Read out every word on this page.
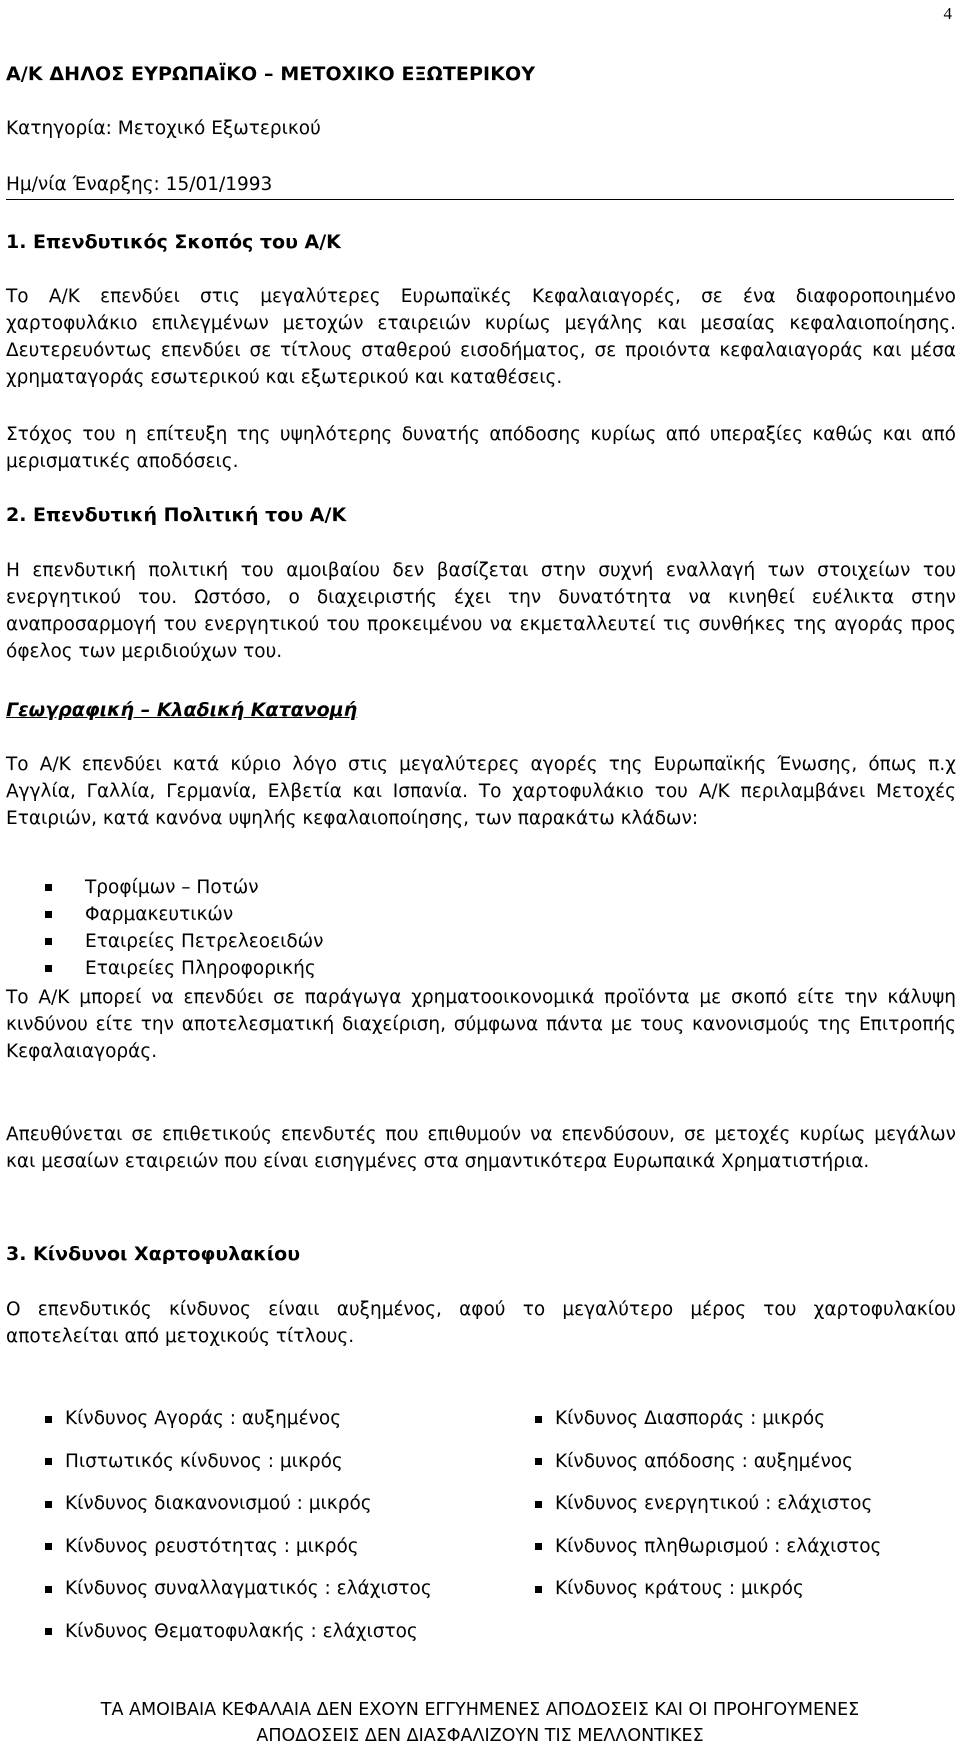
4
Α/Κ ΔΗΛΟΣ ΕΥΡΩΠΑΪΚΟ – ΜΕΤΟΧΙΚΟ ΕΞΩΤΕΡΙΚΟΥ
Κατηγορία: Μετοχικό Εξωτερικού
Ημ/νία Έναρξης: 15/01/1993
1. Επενδυτικός Σκοπός του Α/Κ

Το Α/Κ επενδύει στις μεγαλύτερες Ευρωπαϊκές Κεφαλαιαγορές, σε ένα διαφοροποιημένο χαρτοφυλάκιο επιλεγμένων μετοχών εταιρειών κυρίως μεγάλης και μεσαίας κεφαλαιοποίησης. Δευτερευόντως επενδύει σε τίτλους σταθερού εισοδήματος, σε προιόντα κεφαλαιαγοράς και μέσα χρηματαγοράς εσωτερικού και εξωτερικού και καταθέσεις.

Στόχος του η επίτευξη της υψηλότερης δυνατής απόδοσης κυρίως από υπεραξίες καθώς και από μερισματικές αποδόσεις.

2. Επενδυτική Πολιτική του Α/Κ

Η επενδυτική πολιτική του αμοιβαίου δεν βασίζεται στην συχνή εναλλαγή των στοιχείων του ενεργητικού του. Ωστόσο, ο διαχειριστής έχει την δυνατότητα να κινηθεί ευέλικτα στην αναπροσαρμογή του ενεργητικού του προκειμένου να εκμεταλλευτεί τις συνθήκες της αγοράς προς όφελος των μεριδιούχων του.

Γεωγραφική – Κλαδική Κατανομή

Το Α/Κ επενδύει κατά κύριο λόγο στις μεγαλύτερες αγορές της Ευρωπαϊκής Ένωσης, όπως π.χ Αγγλία, Γαλλία, Γερμανία, Ελβετία και Ισπανία. Το χαρτοφυλάκιο του Α/Κ περιλαμβάνει Μετοχές Εταιριών, κατά κανόνα υψηλής κεφαλαιοποίησης, των παρακάτω κλάδων:

Τροφίμων – Ποτών
Φαρμακευτικών
Εταιρείες Πετρελεοειδών
Εταιρείες Πληροφορικής

Το Α/Κ μπορεί να επενδύει σε παράγωγα χρηματοοικονομικά προϊόντα με σκοπό είτε την κάλυψη κινδύνου είτε την αποτελεσματική διαχείριση, σύμφωνα πάντα με τους κανονισμούς της Επιτροπής Κεφαλαιαγοράς.

Απευθύνεται σε επιθετικούς επενδυτές που επιθυμούν να επενδύσουν, σε μετοχές κυρίως μεγάλων και μεσαίων εταιρειών που είναι εισηγμένες στα σημαντικότερα Ευρωπαικά Χρηματιστήρια.

3. Κίνδυνοι Χαρτοφυλακίου

Ο επενδυτικός κίνδυνος είναιι αυξημένος, αφού το μεγαλύτερο μέρος του χαρτοφυλακίου αποτελείται από μετοχικούς τίτλους.

Κίνδυνος Αγοράς : αυξημένος
Πιστωτικός κίνδυνος : μικρός
Κίνδυνος διακανονισμού : μικρός
Κίνδυνος ρευστότητας : μικρός
Κίνδυνος συναλλαγματικός : ελάχιστος
Κίνδυνος Θεματοφυλακής : ελάχιστος
Κίνδυνος Διασποράς : μικρός
Κίνδυνος απόδοσης : αυξημένος
Κίνδυνος ενεργητικού : ελάχιστος
Κίνδυνος πληθωρισμού : ελάχιστος
Κίνδυνος κράτους : μικρός

ΤΑ ΑΜΟΙΒΑΙΑ ΚΕΦΑΛΑΙΑ ΔΕΝ ΕΧΟΥΝ ΕΓΓΥΗΜΕΝΕΣ ΑΠΟΔΟΣΕΙΣ ΚΑΙ ΟΙ ΠΡΟΗΓΟΥΜΕΝΕΣ
ΑΠΟΔΟΣΕΙΣ ΔΕΝ ΔΙΑΣΦΑΛΙΖΟΥΝ ΤΙΣ ΜΕΛΛΟΝΤΙΚΕΣ
